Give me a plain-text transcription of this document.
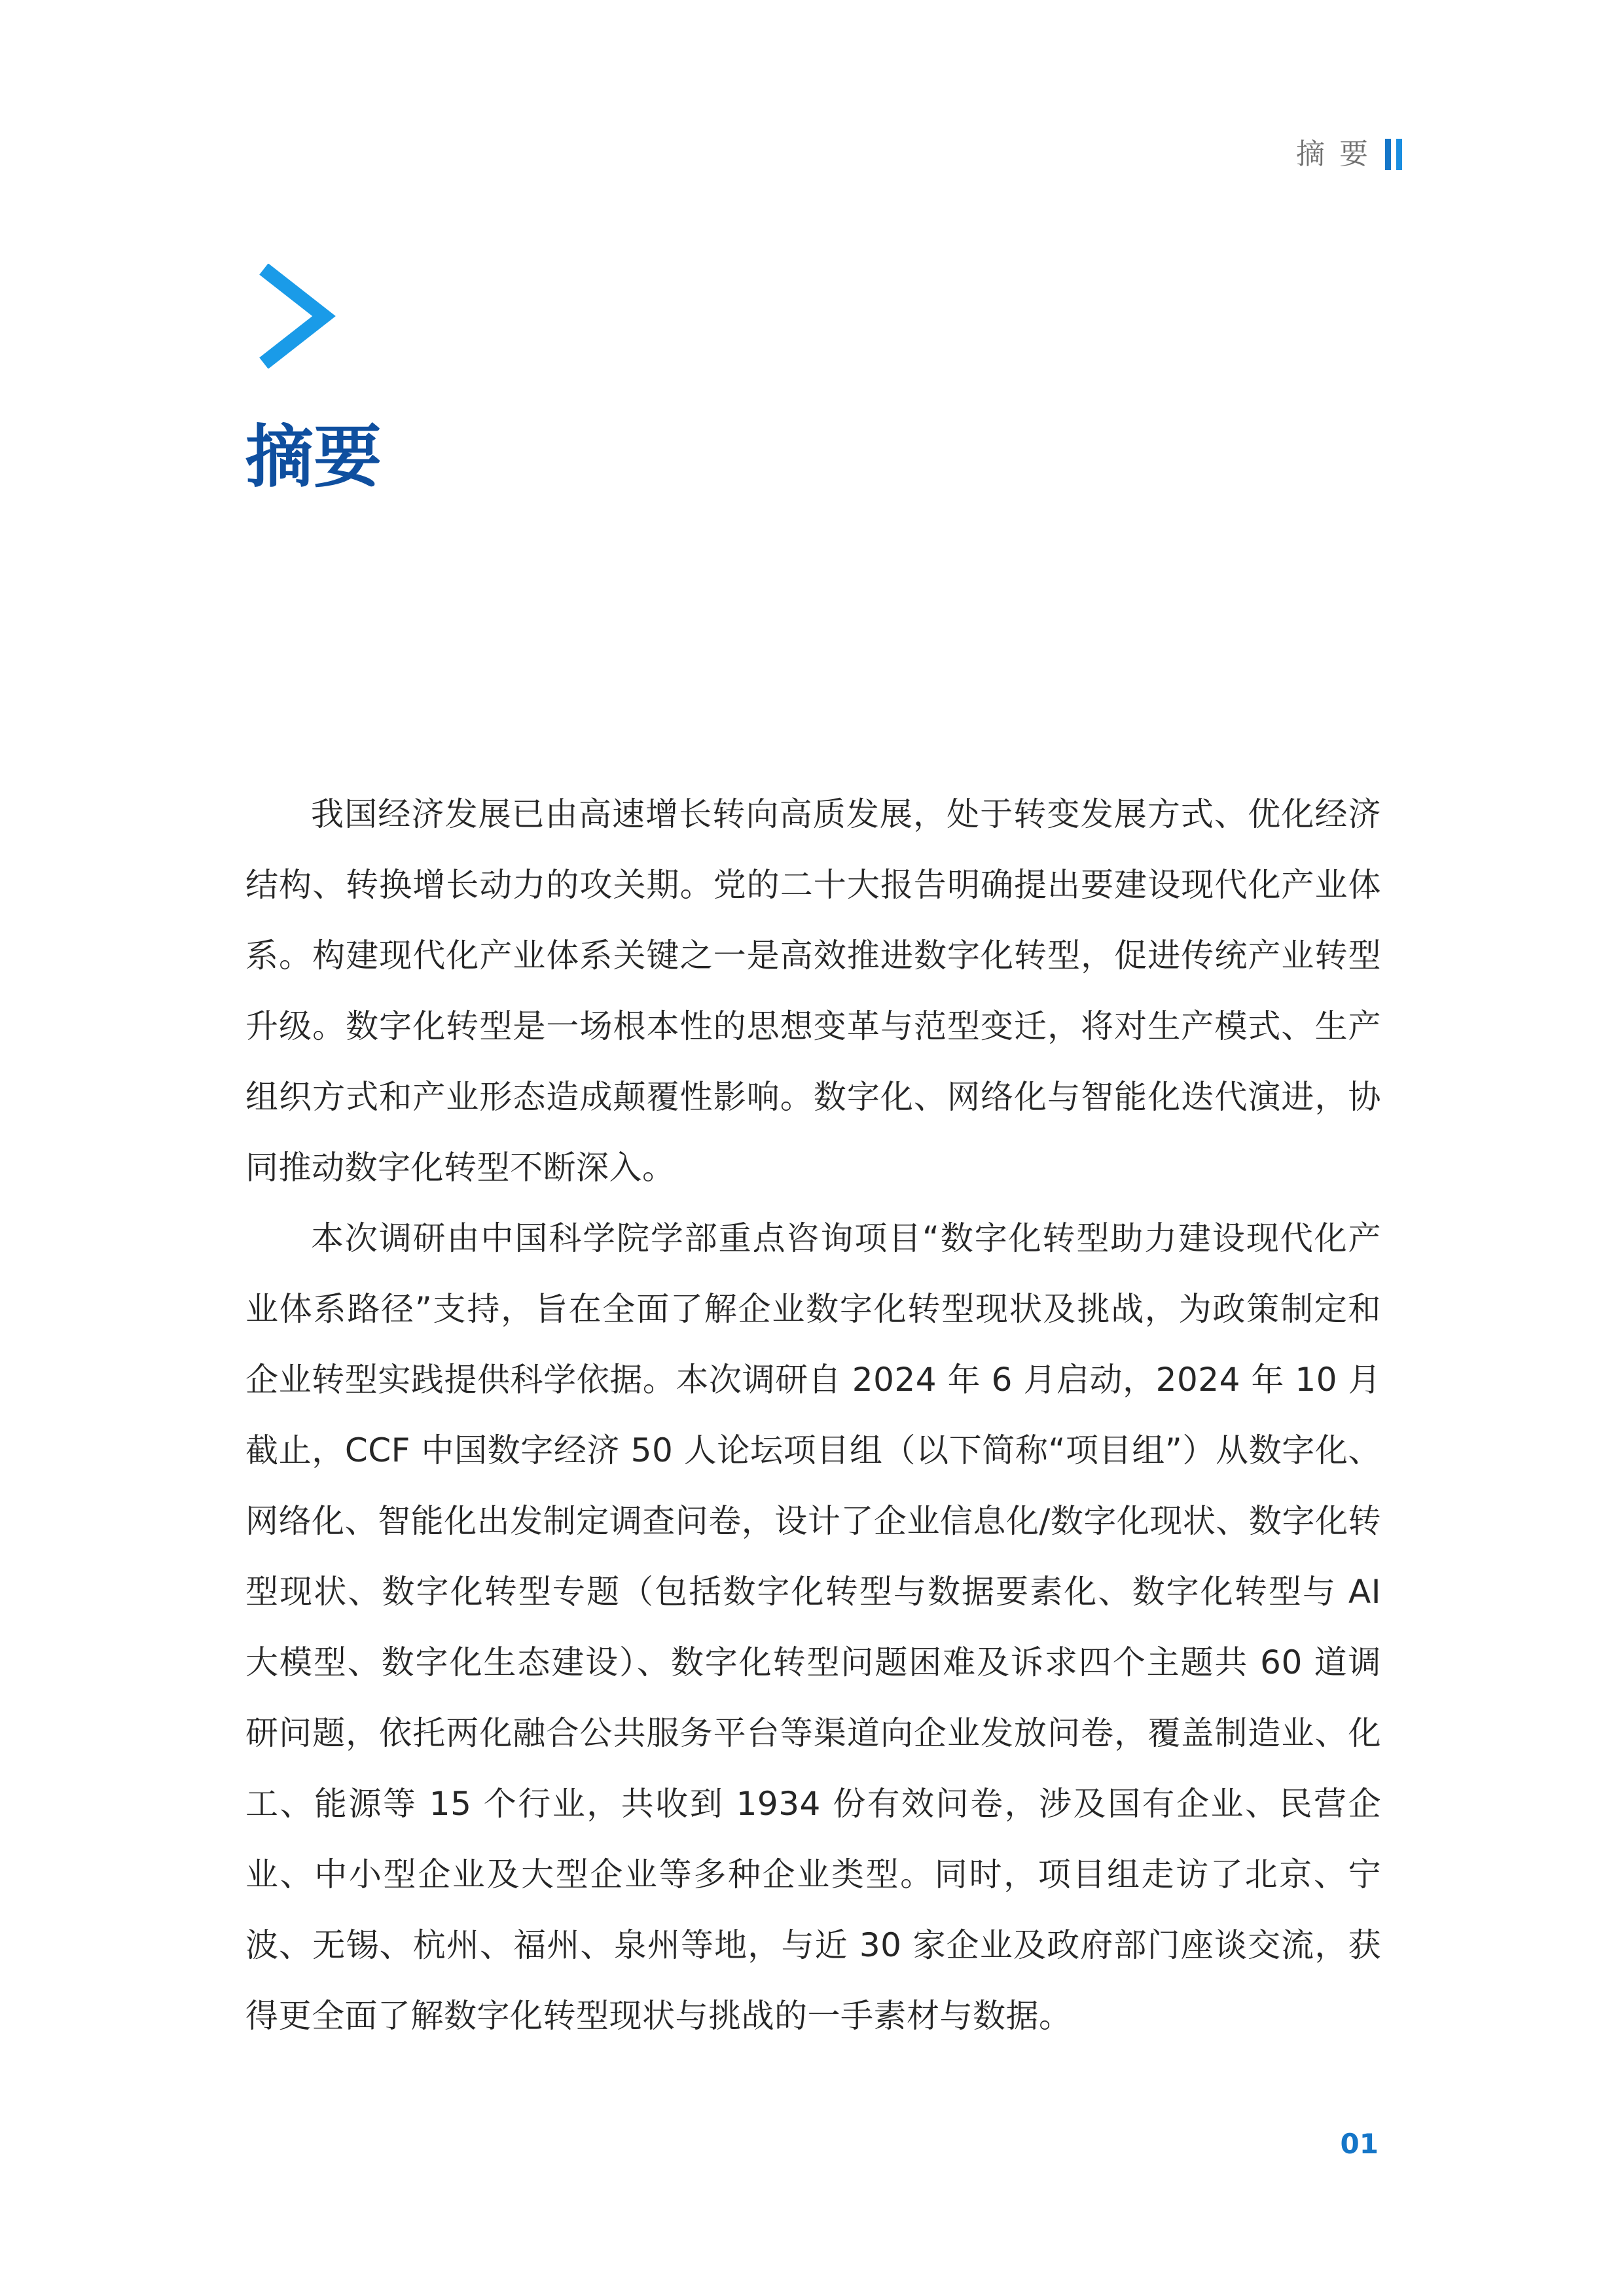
摘要
摘要

我国经济发展已由高速增长转向高质发展，处于转变发展方式、优化经济结构、转换增长动力的攻关期。党的二十大报告明确提出要建设现代化产业体系。构建现代化产业体系关键之一是高效推进数字化转型，促进传统产业转型升级。数字化转型是一场根本性的思想变革与范型变迁，将对生产模式、生产组织方式和产业形态造成颠覆性影响。数字化、网络化与智能化迭代演进，协同推动数字化转型不断深入。

本次调研由中国科学院学部重点咨询项目“数字化转型助力建设现代化产业体系路径”支持，旨在全面了解企业数字化转型现状及挑战，为政策制定和企业转型实践提供科学依据。本次调研自 2024 年 6 月启动，2024 年 10 月截止，CCF 中国数字经济 50 人论坛项目组（以下简称“项目组”）从数字化、网络化、智能化出发制定调查问卷，设计了企业信息化/数字化现状、数字化转型现状、数字化转型专题（包括数字化转型与数据要素化、数字化转型与 AI 大模型、数字化生态建设）、数字化转型问题困难及诉求四个主题共 60 道调研问题，依托两化融合公共服务平台等渠道向企业发放问卷，覆盖制造业、化工、能源等 15 个行业，共收到 1934 份有效问卷，涉及国有企业、民营企业、中小型企业及大型企业等多种企业类型。同时，项目组走访了北京、宁波、无锡、杭州、福州、泉州等地，与近 30 家企业及政府部门座谈交流，获得更全面了解数字化转型现状与挑战的一手素材与数据。

01
